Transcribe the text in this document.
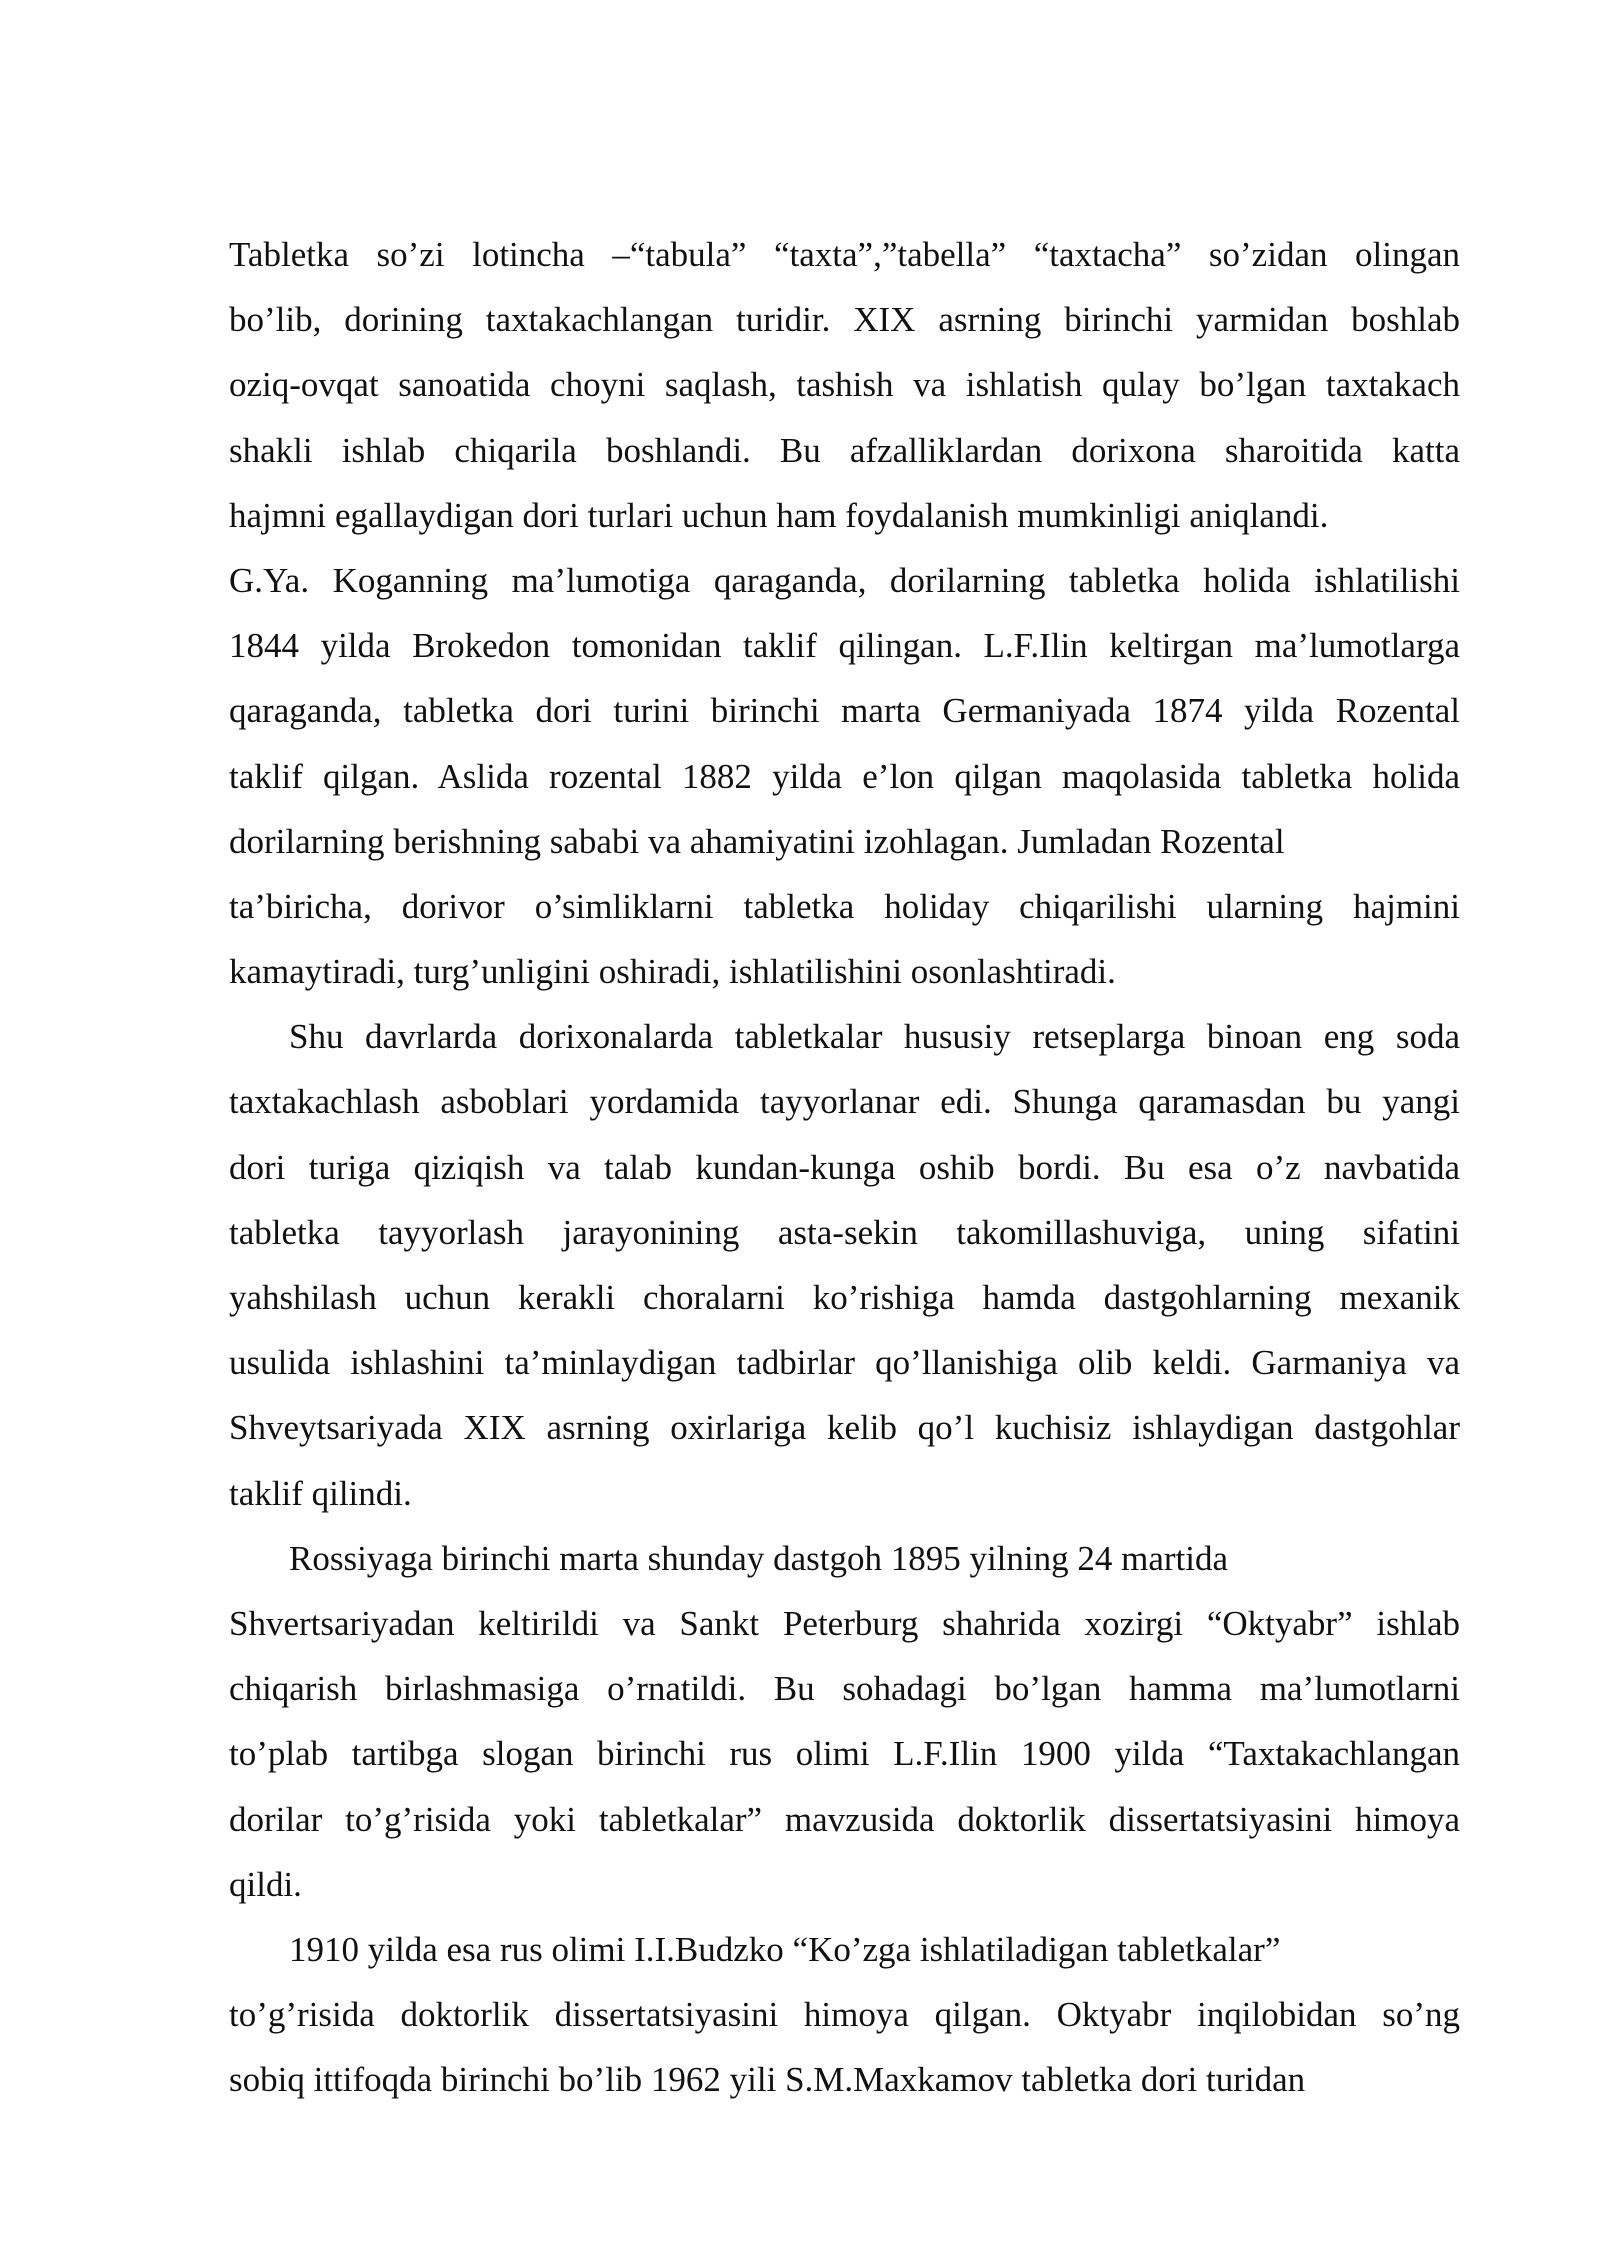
Tabletka so’zi lotincha –“tabula” “taxta”,”tabella” “taxtacha” so’zidan olingan
bo’lib, dorining taxtakachlangan turidir. XIX asrning birinchi yarmidan boshlab
oziq-ovqat sanoatida choyni saqlash, tashish va ishlatish qulay bo’lgan taxtakach
shakli ishlab chiqarila boshlandi. Bu afzalliklardan dorixona sharoitida katta
hajmni egallaydigan dori turlari uchun ham foydalanish mumkinligi aniqlandi.
G.Ya. Koganning ma’lumotiga qaraganda, dorilarning tabletka holida ishlatilishi
1844 yilda Brokedon tomonidan taklif qilingan. L.F.Ilin keltirgan ma’lumotlarga
qaraganda, tabletka dori turini birinchi marta Germaniyada 1874 yilda Rozental
taklif qilgan. Aslida rozental 1882 yilda e’lon qilgan maqolasida tabletka holida
dorilarning berishning sababi va ahamiyatini izohlagan. Jumladan Rozental
ta’biricha, dorivor o’simliklarni tabletka holiday chiqarilishi ularning hajmini
kamaytiradi, turg’unligini oshiradi, ishlatilishini osonlashtiradi.
Shu davrlarda dorixonalarda tabletkalar hususiy retseplarga binoan eng soda
taxtakachlash asboblari yordamida tayyorlanar edi. Shunga qaramasdan bu yangi
dori turiga qiziqish va talab kundan-kunga oshib bordi. Bu esa o’z navbatida
tabletka tayyorlash jarayonining asta-sekin takomillashuviga, uning sifatini
yahshilash uchun kerakli choralarni ko’rishiga hamda dastgohlarning mexanik
usulida ishlashini ta’minlaydigan tadbirlar qo’llanishiga olib keldi. Garmaniya va
Shveytsariyada XIX asrning oxirlariga kelib qo’l kuchisiz ishlaydigan dastgohlar
taklif qilindi.
Rossiyaga birinchi marta shunday dastgoh 1895 yilning 24 martida
Shvertsariyadan keltirildi va Sankt Peterburg shahrida xozirgi “Oktyabr” ishlab
chiqarish birlashmasiga o’rnatildi. Bu sohadagi bo’lgan hamma ma’lumotlarni
to’plab tartibga slogan birinchi rus olimi L.F.Ilin 1900 yilda “Taxtakachlangan
dorilar to’g’risida yoki tabletkalar” mavzusida doktorlik dissertatsiyasini himoya
qildi.
1910 yilda esa rus olimi I.I.Budzko “Ko’zga ishlatiladigan tabletkalar”
to’g’risida doktorlik dissertatsiyasini himoya qilgan. Oktyabr inqilobidan so’ng
sobiq ittifoqda birinchi bo’lib 1962 yili S.M.Maxkamov tabletka dori turidan
